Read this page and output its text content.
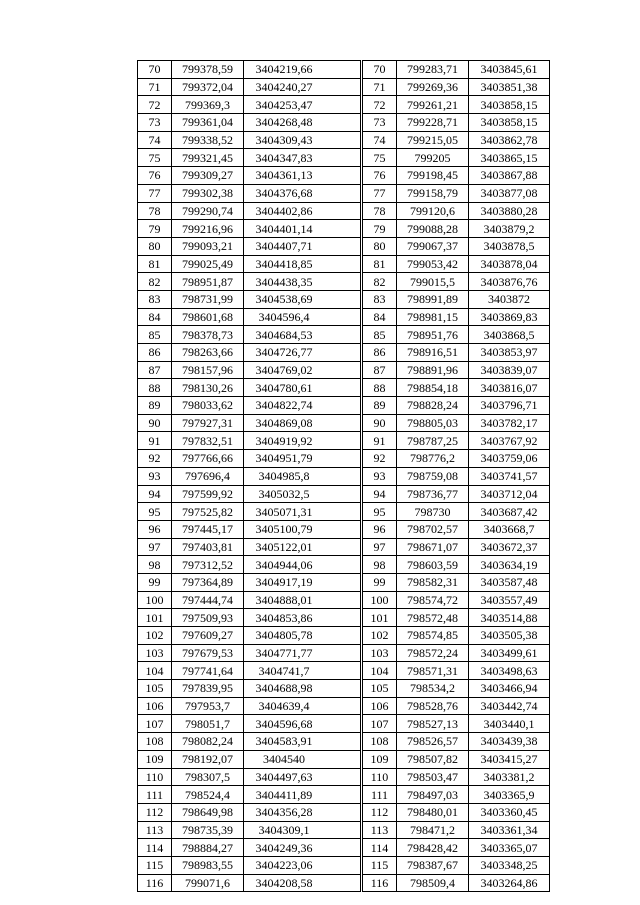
70	799378,59	3404219,66
71	799372,04	3404240,27
72	799369,3	3404253,47
73	799361,04	3404268,48
74	799338,52	3404309,43
75	799321,45	3404347,83
76	799309,27	3404361,13
77	799302,38	3404376,68
78	799290,74	3404402,86
79	799216,96	3404401,14
80	799093,21	3404407,71
81	799025,49	3404418,85
82	798951,87	3404438,35
83	798731,99	3404538,69
84	798601,68	3404596,4
85	798378,73	3404684,53
86	798263,66	3404726,77
87	798157,96	3404769,02
88	798130,26	3404780,61
89	798033,62	3404822,74
90	797927,31	3404869,08
91	797832,51	3404919,92
92	797766,66	3404951,79
93	797696,4	3404985,8
94	797599,92	3405032,5
95	797525,82	3405071,31
96	797445,17	3405100,79
97	797403,81	3405122,01
98	797312,52	3404944,06
99	797364,89	3404917,19
100	797444,74	3404888,01
101	797509,93	3404853,86
102	797609,27	3404805,78
103	797679,53	3404771,77
104	797741,64	3404741,7
105	797839,95	3404688,98
106	797953,7	3404639,4
107	798051,7	3404596,68
108	798082,24	3404583,91
109	798192,07	3404540
110	798307,5	3404497,63
111	798524,4	3404411,89
112	798649,98	3404356,28
113	798735,39	3404309,1
114	798884,27	3404249,36
115	798983,55	3404223,06
116	799071,6	3404208,58
70	799283,71	3403845,61
71	799269,36	3403851,38
72	799261,21	3403858,15
73	799228,71	3403858,15
74	799215,05	3403862,78
75	799205	3403865,15
76	799198,45	3403867,88
77	799158,79	3403877,08
78	799120,6	3403880,28
79	799088,28	3403879,2
80	799067,37	3403878,5
81	799053,42	3403878,04
82	799015,5	3403876,76
83	798991,89	3403872
84	798981,15	3403869,83
85	798951,76	3403868,5
86	798916,51	3403853,97
87	798891,96	3403839,07
88	798854,18	3403816,07
89	798828,24	3403796,71
90	798805,03	3403782,17
91	798787,25	3403767,92
92	798776,2	3403759,06
93	798759,08	3403741,57
94	798736,77	3403712,04
95	798730	3403687,42
96	798702,57	3403668,7
97	798671,07	3403672,37
98	798603,59	3403634,19
99	798582,31	3403587,48
100	798574,72	3403557,49
101	798572,48	3403514,88
102	798574,85	3403505,38
103	798572,24	3403499,61
104	798571,31	3403498,63
105	798534,2	3403466,94
106	798528,76	3403442,74
107	798527,13	3403440,1
108	798526,57	3403439,38
109	798507,82	3403415,27
110	798503,47	3403381,2
111	798497,03	3403365,9
112	798480,01	3403360,45
113	798471,2	3403361,34
114	798428,42	3403365,07
115	798387,67	3403348,25
116	798509,4	3403264,86
